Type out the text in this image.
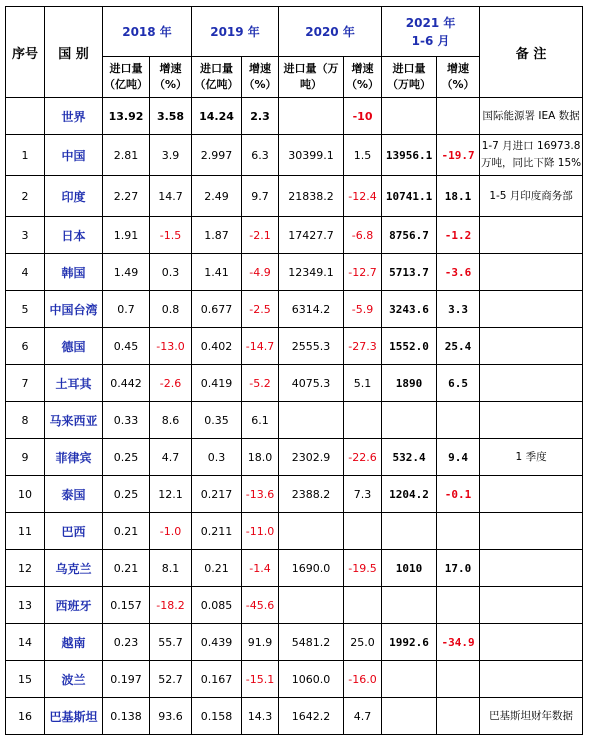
序号	国 别	2018 年		2019 年		2020 年		2021 年
1-6 月		备 注
		进口量（亿吨）	增速（%）	进口量（亿吨）	增速（%）	进口量（万吨）	增速（%）	进口量（万吨）	增速（%）	
	世界	13.92	3.58	14.24	2.3		-10			国际能源署 IEA 数据
1	中国	2.81	3.9	2.997	6.3	30399.1	1.5	13956.1	-19.7	1-7 月进口 16973.8 万吨，同比下降 15%
2	印度	2.27	14.7	2.49	9.7	21838.2	-12.4	10741.1	18.1	1-5 月印度商务部
3	日本	1.91	-1.5	1.87	-2.1	17427.7	-6.8	8756.7	-1.2	
4	韩国	1.49	0.3	1.41	-4.9	12349.1	-12.7	5713.7	-3.6	
5	中国台湾	0.7	0.8	0.677	-2.5	6314.2	-5.9	3243.6	3.3	
6	德国	0.45	-13.0	0.402	-14.7	2555.3	-27.3	1552.0	25.4	
7	土耳其	0.442	-2.6	0.419	-5.2	4075.3	5.1	1890	6.5	
8	马来西亚	0.33	8.6	0.35	6.1					
9	菲律宾	0.25	4.7	0.3	18.0	2302.9	-22.6	532.4	9.4	1 季度
10	泰国	0.25	12.1	0.217	-13.6	2388.2	7.3	1204.2	-0.1	
11	巴西	0.21	-1.0	0.211	-11.0					
12	乌克兰	0.21	8.1	0.21	-1.4	1690.0	-19.5	1010	17.0	
13	西班牙	0.157	-18.2	0.085	-45.6					
14	越南	0.23	55.7	0.439	91.9	5481.2	25.0	1992.6	-34.9	
15	波兰	0.197	52.7	0.167	-15.1	1060.0	-16.0			
16	巴基斯坦	0.138	93.6	0.158	14.3	1642.2	4.7			巴基斯坦财年数据
